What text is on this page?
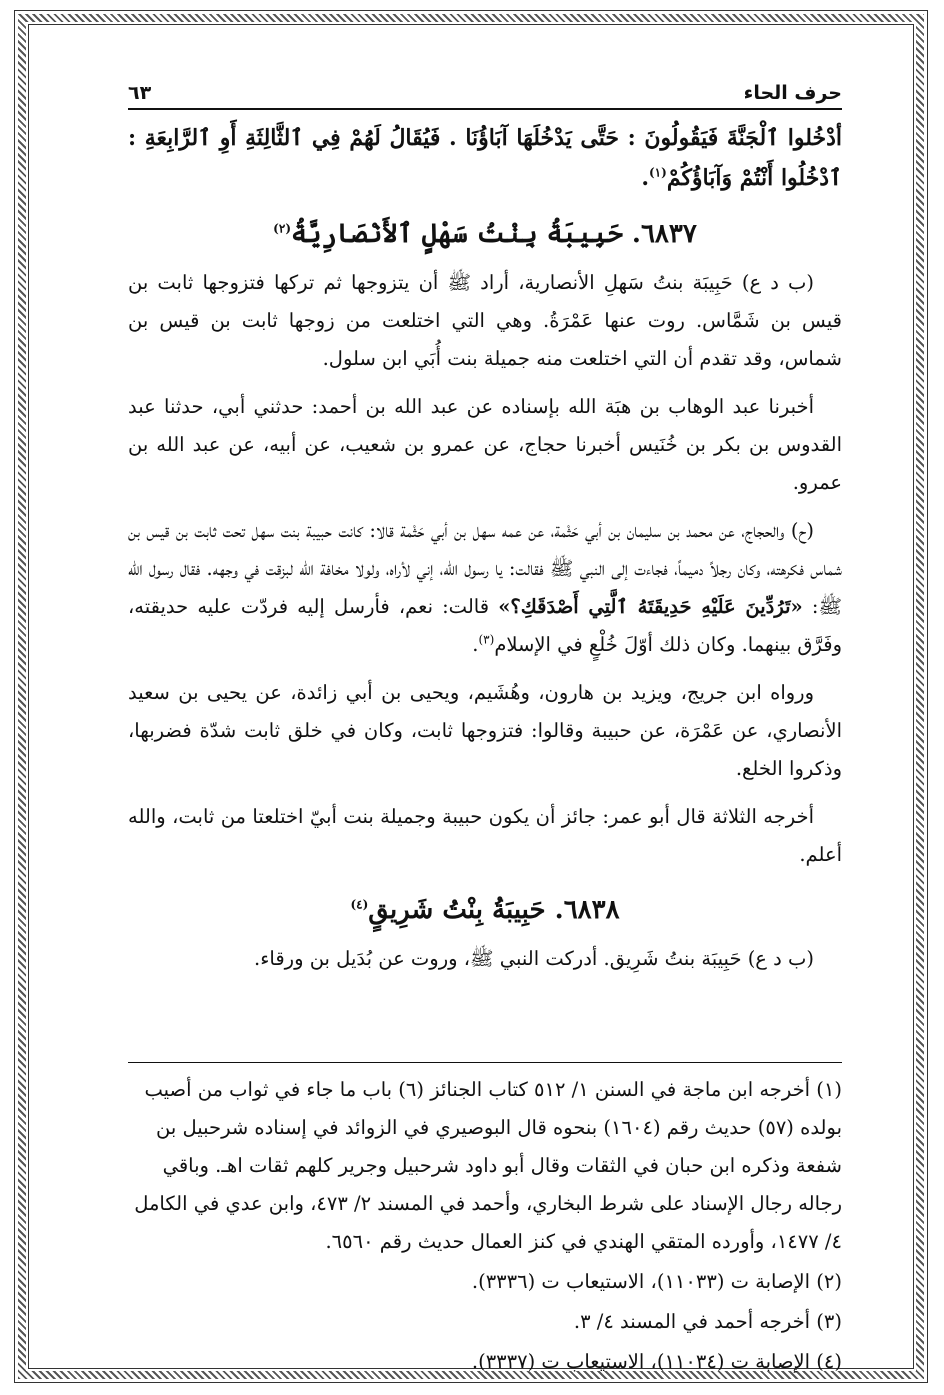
حرف الحاء
٦٣
أدْخُلوا ٱلْجَنَّةَ فَيَقُولُونَ : حَتَّى يَدْخُلَهَا آبَاؤُنَا . فَيُقَالُ لَهُمْ فِي ٱلثَّالِثَةِ أَوِ ٱلرَّابِعَةِ : ٱدْخُلُوا أَنْتُمْ وَآبَاؤُكُمْ$^{(١)}$.
٦٨٣٧. حَبِيبَةُ بِنْتُ سَهْلٍ ٱلأَنْصَارِيَّةُ$^{(٢)}$

(ب د ع) حَبِيبَة بنتُ سَهلِ الأنصارية، أراد ﷺ أن يتزوجها ثم تركها فتزوجها ثابت بن قيس بن شَمَّاس. روت عنها عَمْرَةُ. وهي التي اختلعت من زوجها ثابت بن قيس بن شماس، وقد تقدم أن التي اختلعت منه جميلة بنت أُبَي ابن سلول.

أخبرنا عبد الوهاب بن هبَة الله بإسناده عن عبد الله بن أحمد: حدثني أبي، حدثنا عبد القدوس بن بكر بن خُنَيس أخبرنا حجاج، عن عمرو بن شعيب، عن أبيه، عن عبد الله بن عمرو.

(ح) والحجاج، عن محمد بن سليمان بن أبي حَثْمة، عن عمه سهل بن أبي حَثْمة قالا: كانت حبيبة بنت سهل تحت ثابت بن قيس بن شماس فكرهته، وكان رجلاً دميماً، فجاءت إلى النبي ﷺ فقالت: يا رسول الله، إني لأراه، ولولا مخافة الله لبزقت في وجهه. فقال رسول الله ﷺ: «تَرُدِّينَ عَلَيْهِ حَدِيقَتَهُ ٱلَّتِي أَصْدَقَكِ؟» قالت: نعم، فأرسل إليه فردّت عليه حديقته، وفَرَّق بينهما. وكان ذلك أوّلَ خُلْعٍ في الإسلام$^{(٣)}$.

ورواه ابن جريج، ويزيد بن هارون، وهُشَيم، ويحيى بن أبي زائدة، عن يحيى بن سعيد الأنصاري، عن عَمْرَة، عن حبيبة وقالوا: فتزوجها ثابت، وكان في خلق ثابت شدّة فضربها، وذكروا الخلع.

أخرجه الثلاثة قال أبو عمر: جائز أن يكون حبيبة وجميلة بنت أبيّ اختلعتا من ثابت، والله أعلم.

٦٨٣٨. حَبِيبَةُ بِنْتُ شَرِيقٍ$^{(٤)}$

(ب د ع) حَبِيبَة بنتُ شَرِيق. أدركت النبي ﷺ، وروت عن بُدَيل بن ورقاء.

(١) أخرجه ابن ماجة في السنن ١/ ٥١٢ كتاب الجنائز (٦) باب ما جاء في ثواب من أصيب بولده (٥٧) حديث رقم (١٦٠٤) بنحوه قال البوصيري في الزوائد في إسناده شرحبيل بن شفعة وذكره ابن حبان في الثقات وقال أبو داود شرحبيل وجرير كلهم ثقات اهـ. وباقي رجاله رجال الإسناد على شرط البخاري، وأحمد في المسند ٢/ ٤٧٣، وابن عدي في الكامل ٤/ ١٤٧٧، وأورده المتقي الهندي في كنز العمال حديث رقم ٦٥٦٠.

(٢) الإصابة ت (١١٠٣٣)، الاستيعاب ت (٣٣٣٦).

(٣) أخرجه أحمد في المسند ٤/ ٣.

(٤) الإصابة ت (١١٠٣٤)، الاستيعاب ت (٣٣٣٧).
